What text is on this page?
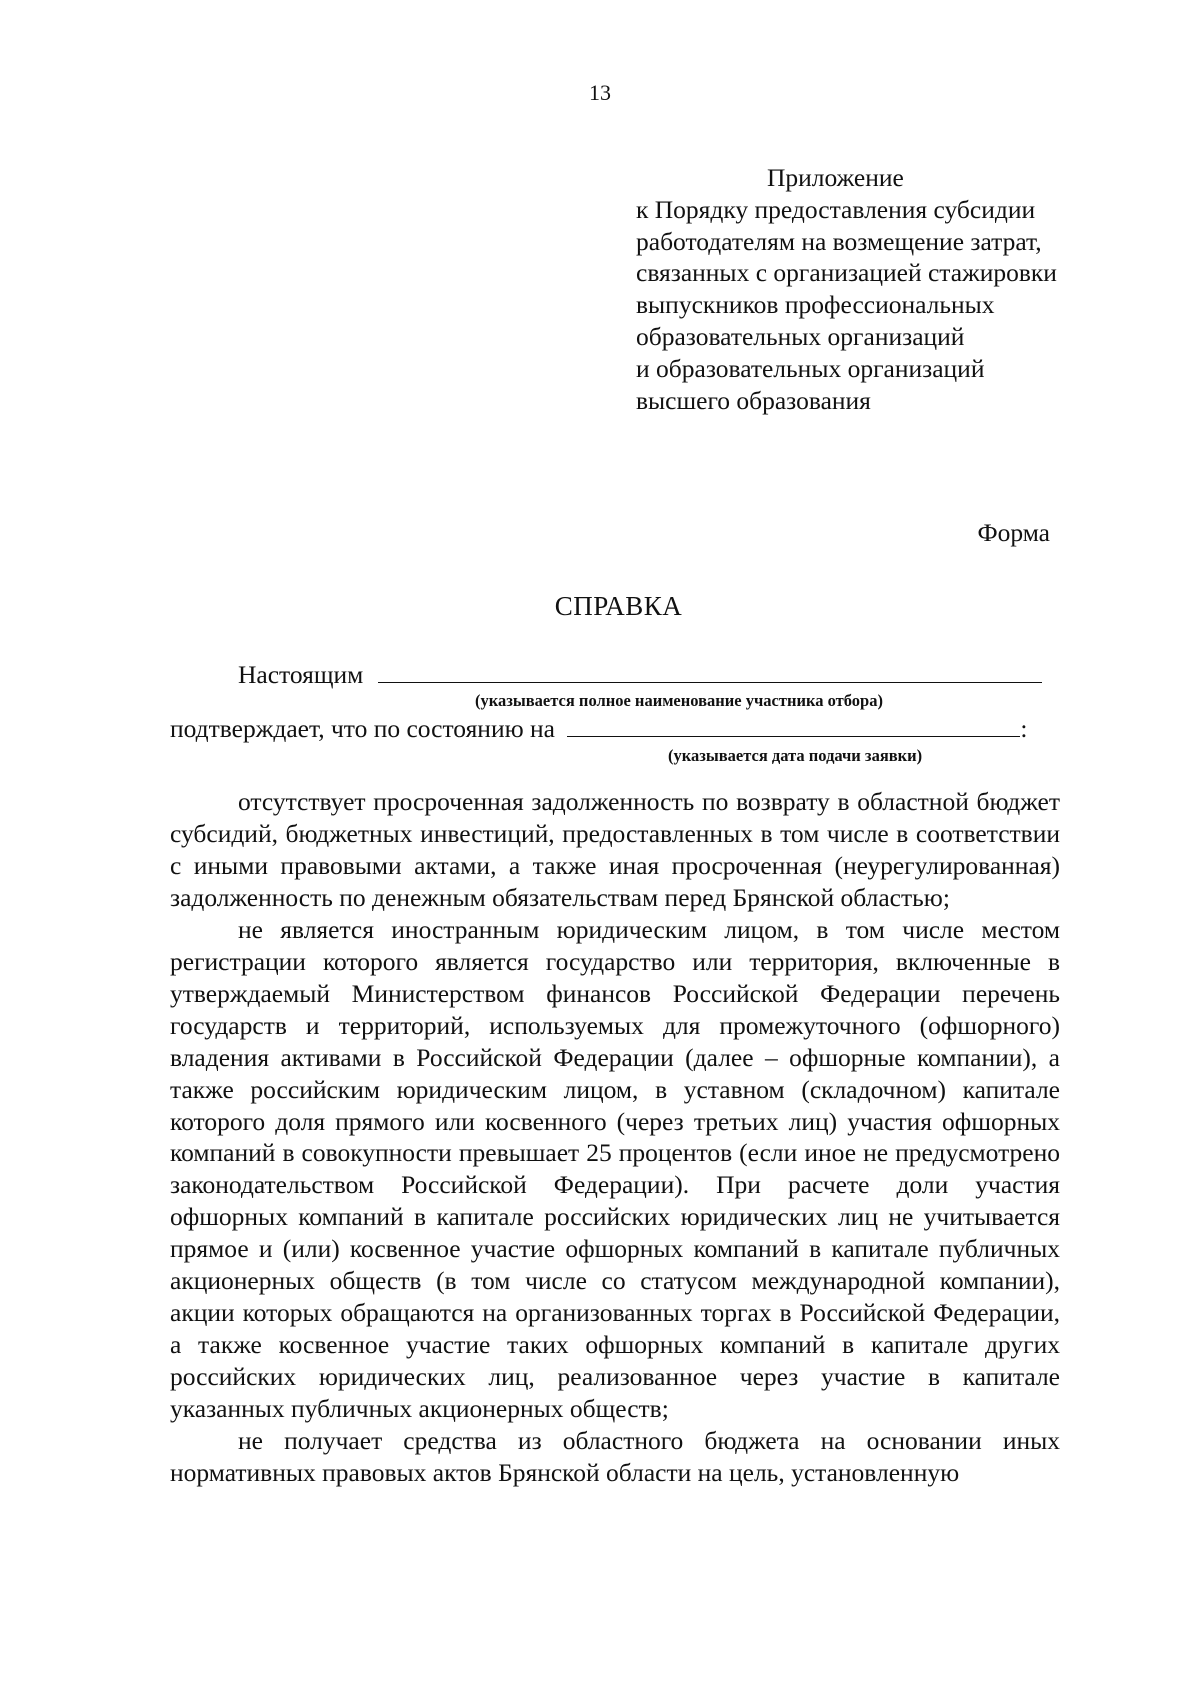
13
Приложение
к Порядку предоставления субсидии
работодателям на возмещение затрат,
связанных с организацией стажировки
выпускников профессиональных
образовательных организаций
и образовательных организаций
высшего образования
Форма
СПРАВКА
Настоящим
(указывается полное наименование участника отбора)
подтверждает, что по состоянию на	:
(указывается дата подачи заявки)

отсутствует просроченная задолженность по возврату в областной бюджет субсидий, бюджетных инвестиций, предоставленных в том числе в соответствии с иными правовыми актами, а также иная просроченная (неурегулированная) задолженность по денежным обязательствам перед Брянской областью;

не является иностранным юридическим лицом, в том числе местом регистрации которого является государство или территория, включенные в утверждаемый Министерством финансов Российской Федерации перечень государств и территорий, используемых для промежуточного (офшорного) владения активами в Российской Федерации (далее – офшорные компании), а также российским юридическим лицом, в уставном (складочном) капитале которого доля прямого или косвенного (через третьих лиц) участия офшорных компаний в совокупности превышает 25 процентов (если иное не предусмотрено законодательством Российской Федерации). При расчете доли участия офшорных компаний в капитале российских юридических лиц не учитывается прямое и (или) косвенное участие офшорных компаний в капитале публичных акционерных обществ (в том числе со статусом международной компании), акции которых обращаются на организованных торгах в Российской Федерации, а также косвенное участие таких офшорных компаний в капитале других российских юридических лиц, реализованное через участие в капитале указанных публичных акционерных обществ;

не получает средства из областного бюджета на основании иных нормативных правовых актов Брянской области на цель, установленную
